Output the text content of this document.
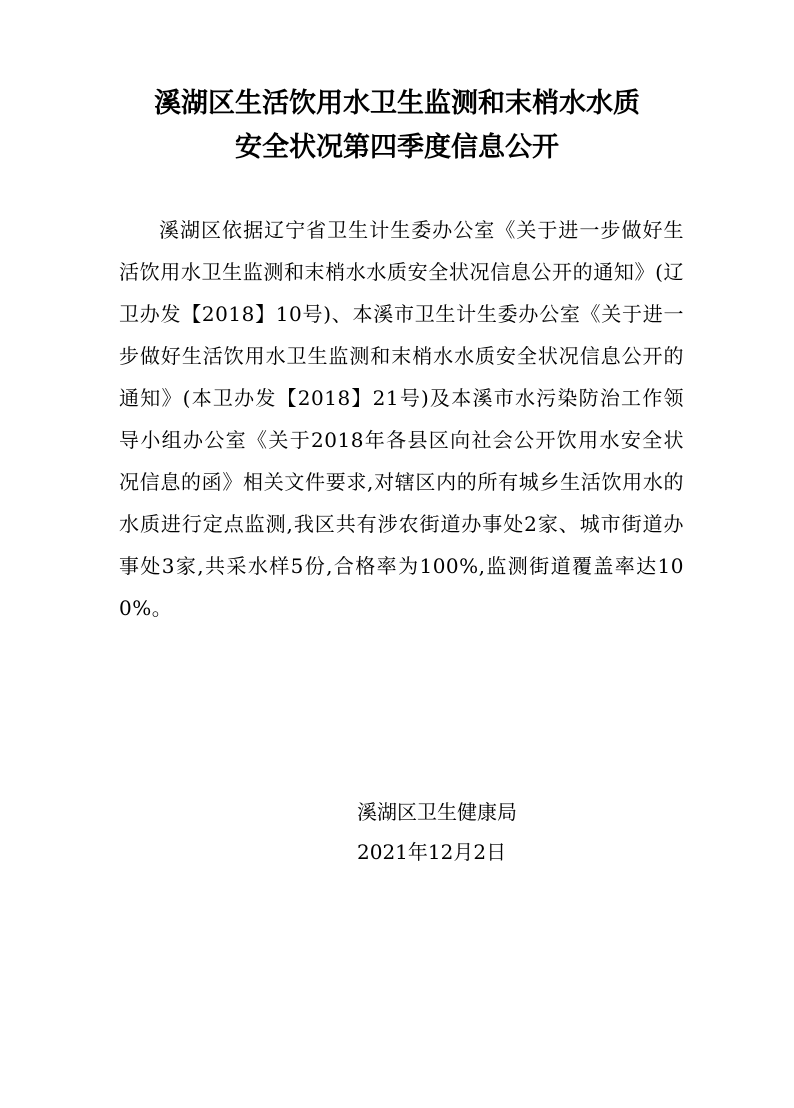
溪湖区生活饮用水卫生监测和末梢水水质
安全状况第四季度信息公开

溪湖区依据辽宁省卫生计生委办公室《关于进一步做好生活饮用水卫生监测和末梢水水质安全状况信息公开的通知》(辽卫办发【2018】10号)、本溪市卫生计生委办公室《关于进一步做好生活饮用水卫生监测和末梢水水质安全状况信息公开的通知》(本卫办发【2018】21号)及本溪市水污染防治工作领导小组办公室《关于2018年各县区向社会公开饮用水安全状况信息的函》相关文件要求,对辖区内的所有城乡生活饮用水的水质进行定点监测,我区共有涉农街道办事处2家、城市街道办事处3家,共采水样5份,合格率为100%,监测街道覆盖率达100%。

溪湖区卫生健康局
2021年12月2日
